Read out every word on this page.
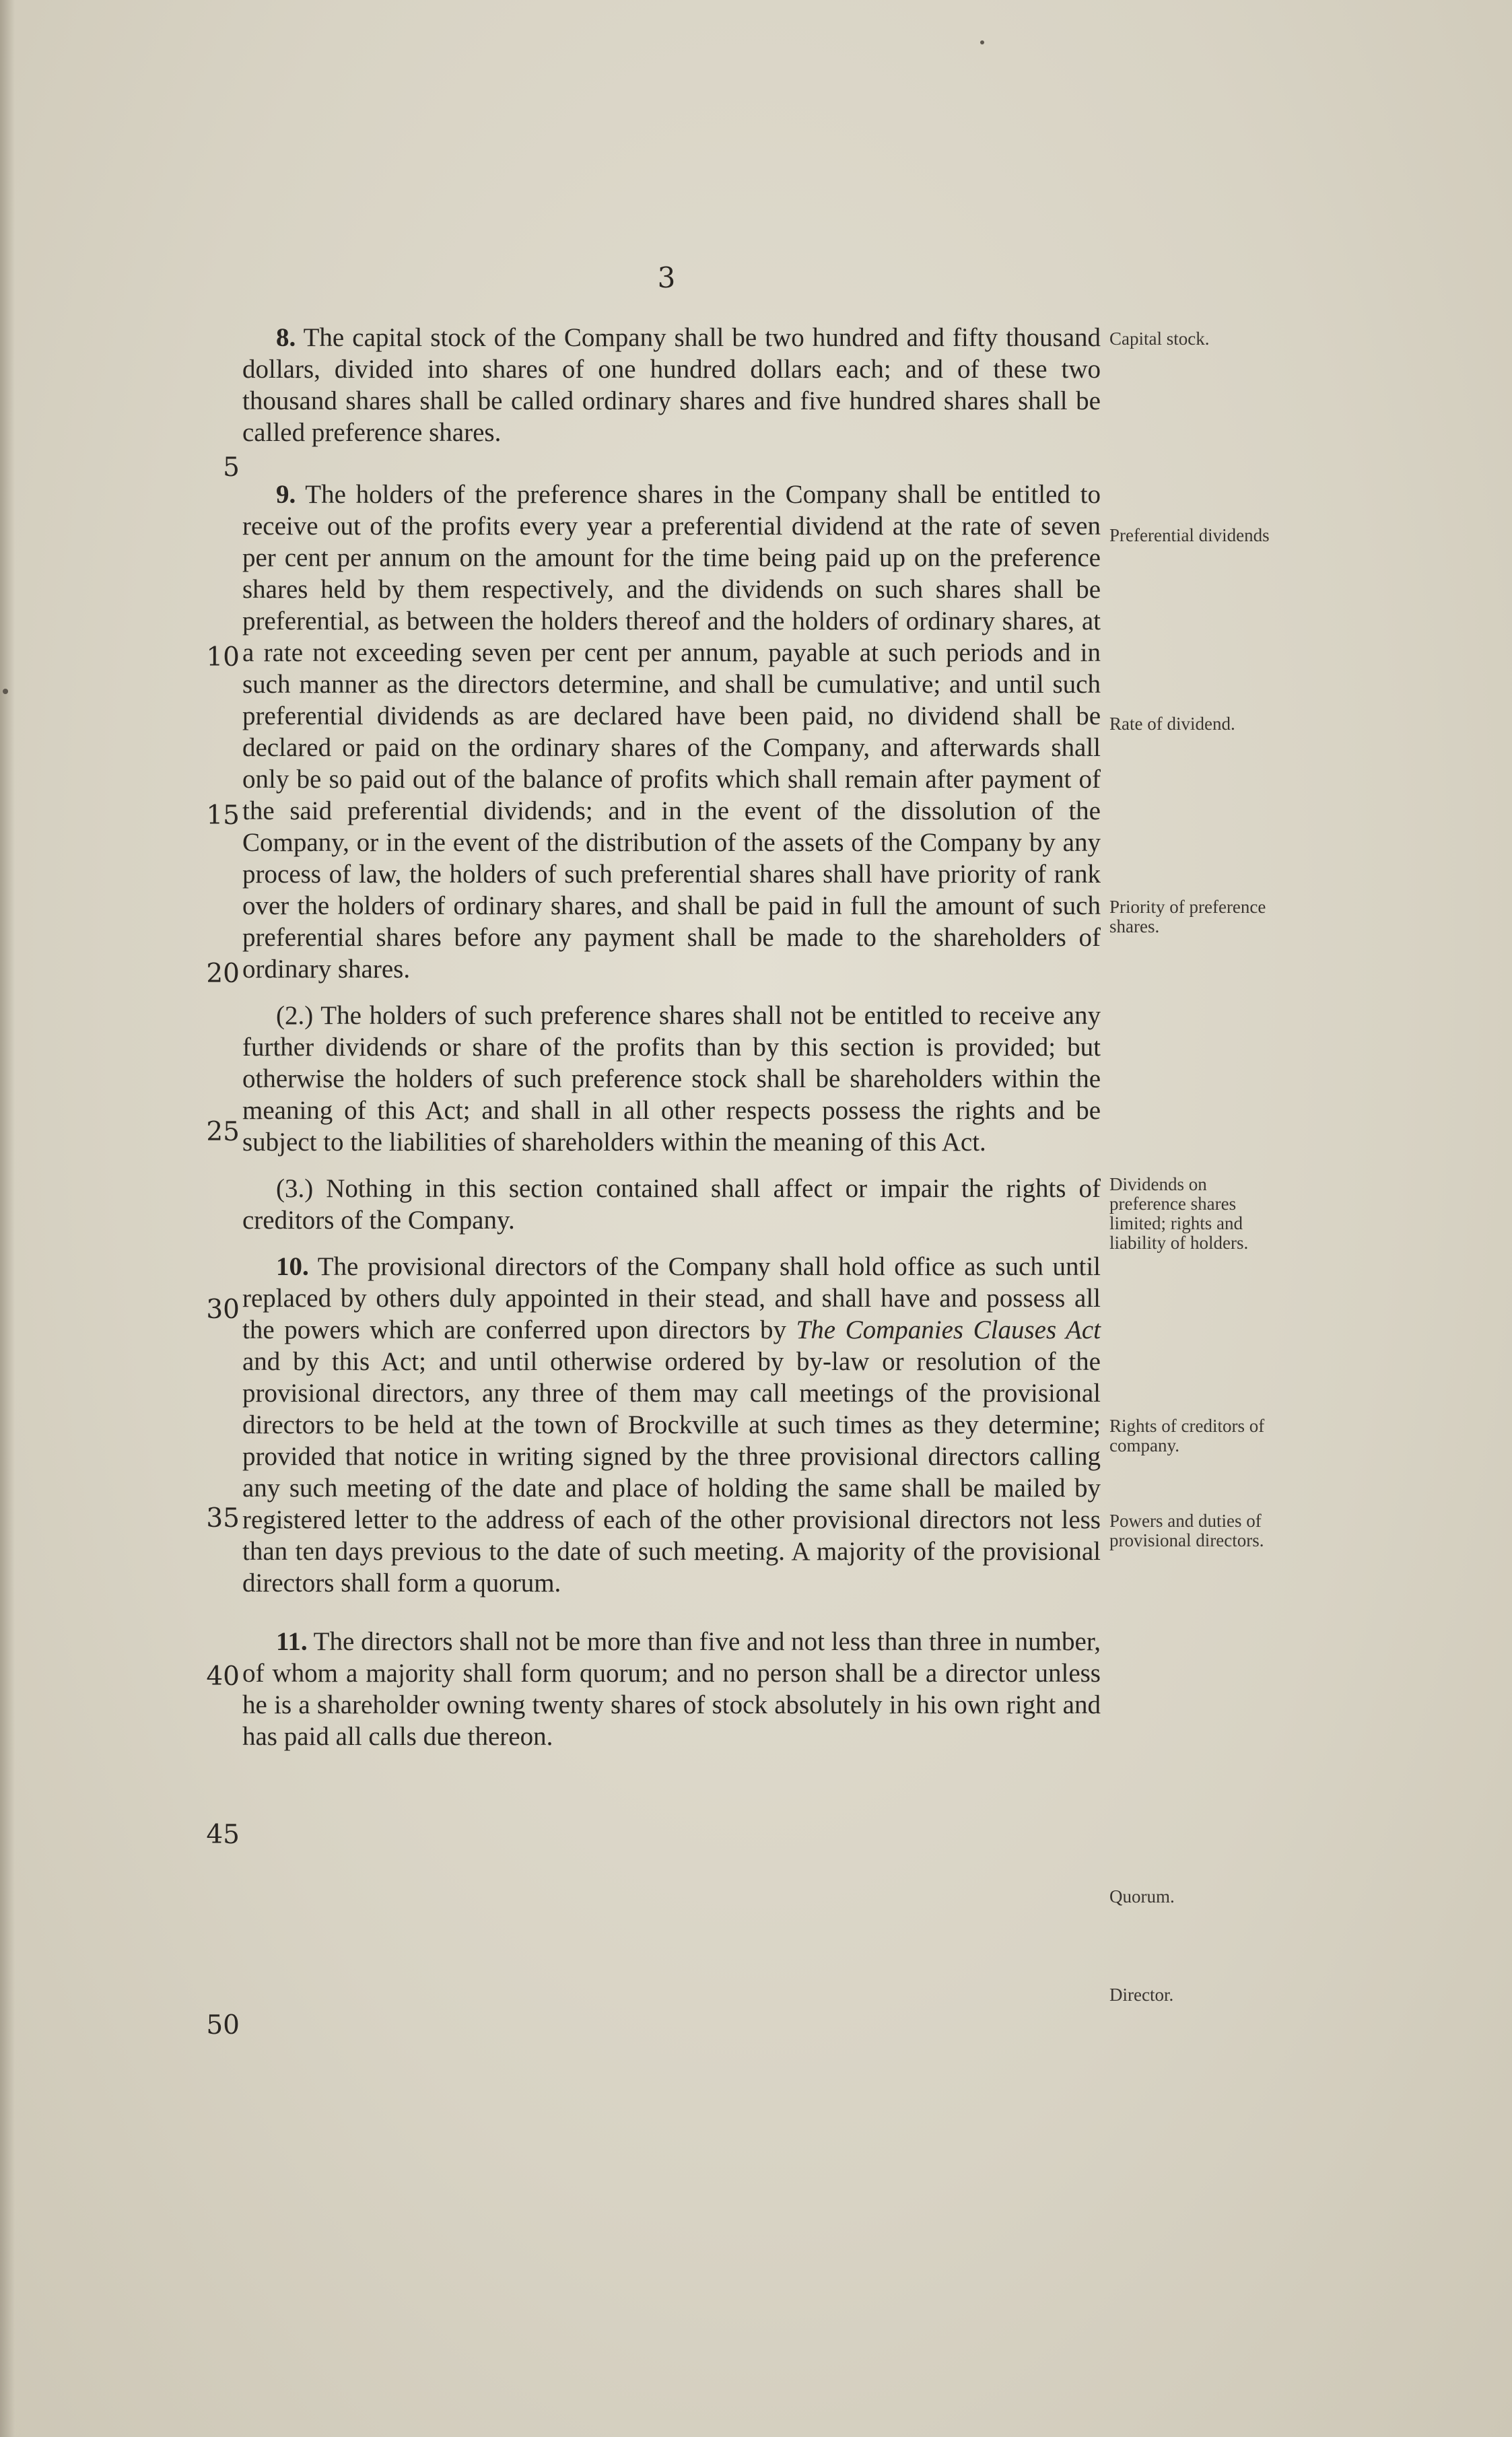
3
5
10
15
20
25
30
35
40
45
50

8. The capital stock of the Company shall be two hundred and fifty thousand dollars, divided into shares of one hundred dollars each; and of these two thousand shares shall be called ordinary shares and five hundred shares shall be called preference shares.

9. The holders of the preference shares in the Company shall be entitled to receive out of the profits every year a preferential dividend at the rate of seven per cent per annum on the amount for the time being paid up on the preference shares held by them respectively, and the dividends on such shares shall be preferential, as between the holders thereof and the holders of ordinary shares, at a rate not exceeding seven per cent per annum, payable at such periods and in such manner as the directors determine, and shall be cumulative; and until such preferential dividends as are declared have been paid, no dividend shall be declared or paid on the ordinary shares of the Company, and afterwards shall only be so paid out of the balance of profits which shall remain after payment of the said preferential dividends; and in the event of the dissolution of the Company, or in the event of the distribution of the assets of the Company by any process of law, the holders of such preferential shares shall have priority of rank over the holders of ordinary shares, and shall be paid in full the amount of such preferential shares before any payment shall be made to the shareholders of ordinary shares.

(2.) The holders of such preference shares shall not be entitled to receive any further dividends or share of the profits than by this section is provided; but otherwise the holders of such preference stock shall be shareholders within the meaning of this Act; and shall in all other respects possess the rights and be subject to the liabilities of shareholders within the meaning of this Act.

(3.) Nothing in this section contained shall affect or impair the rights of creditors of the Company.

10. The provisional directors of the Company shall hold office as such until replaced by others duly appointed in their stead, and shall have and possess all the powers which are conferred upon directors by The Companies Clauses Act and by this Act; and until otherwise ordered by by-law or resolution of the provisional directors, any three of them may call meetings of the provisional directors to be held at the town of Brockville at such times as they determine; provided that notice in writing signed by the three provisional directors calling any such meeting of the date and place of holding the same shall be mailed by registered letter to the address of each of the other provisional directors not less than ten days previous to the date of such meeting. A majority of the provisional directors shall form a quorum.

11. The directors shall not be more than five and not less than three in number, of whom a majority shall form quorum; and no person shall be a director unless he is a shareholder owning twenty shares of stock absolutely in his own right and has paid all calls due thereon.

Capital stock.
Preferential dividends
Rate of dividend.
Priority of preference shares.
Dividends on preference shares limited; rights and liability of holders.
Rights of creditors of company.
Powers and duties of provisional directors.
Quorum.
Director.
